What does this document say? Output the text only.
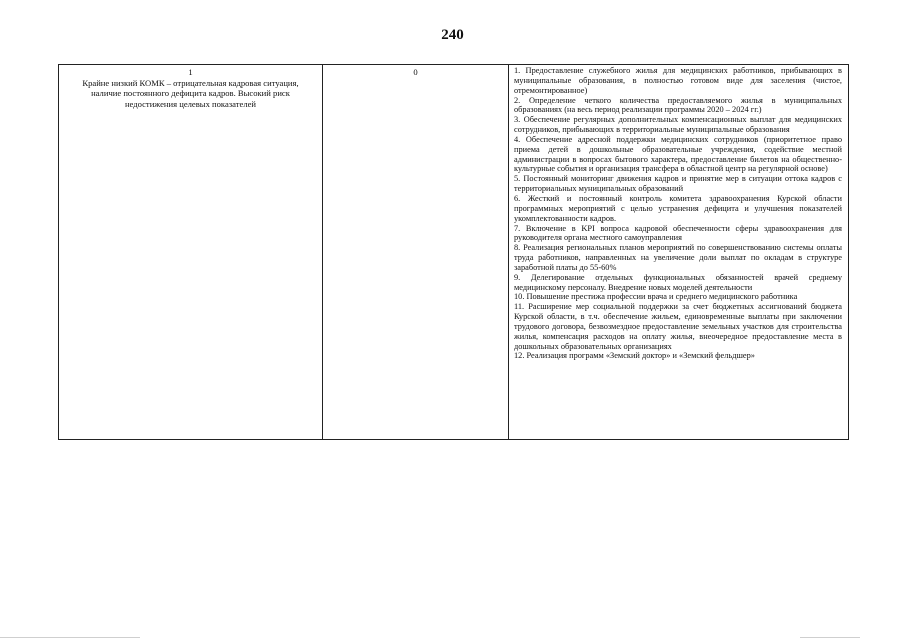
240
1
Крайне низкий КОМК – отрицательная кадровая ситуация, наличие постоянного дефицита кадров. Высокий риск недостижения целевых показателей
0	1. Предоставление служебного жилья для медицинских работников, прибывающих в муниципальные образования, в полностью готовом виде для заселения (чистое, отремонтированное)

2. Определение четкого количества предоставляемого жилья в муниципальных образованиях (на весь период реализации программы 2020 – 2024 гг.)

3. Обеспечение регулярных дополнительных компенсационных выплат для медицинских сотрудников, прибывающих в территориальные муниципальные образования

4. Обеспечение адресной поддержки медицинских сотрудников (приоритетное право приема детей в дошкольные образовательные учреждения, содействие местной администрации в вопросах бытового характера, предоставление билетов на общественно-культурные события и организация трансфера в областной центр на регулярной основе)

5. Постоянный мониторинг движения кадров и принятие мер в ситуации оттока кадров с территориальных муниципальных образований

6. Жесткий и постоянный контроль комитета здравоохранения Курской области программных мероприятий с целью устранения дефицита и улучшения показателей укомплектованности кадров.

7. Включение в KPI вопроса кадровой обеспеченности сферы здравоохранения для руководителя органа местного самоуправления

8. Реализация региональных планов мероприятий по совершенствованию системы оплаты труда работников, направленных на увеличение доли выплат по окладам в структуре заработной платы до 55-60%

9. Делегирование отдельных функциональных обязанностей врачей среднему медицинскому персоналу. Внедрение новых моделей деятельности

10. Повышение престижа профессии врача и среднего медицинского работника

11. Расширение мер социальной поддержки за счет бюджетных ассигнований бюджета Курской области, в т.ч. обеспечение жильем, единовременные выплаты при заключении трудового договора, безвозмездное предоставление земельных участков для строительства жилья, компенсация расходов на оплату жилья, внеочередное предоставление места в дошкольных образовательных организациях

12. Реализация программ «Земский доктор» и «Земский фельдшер»
